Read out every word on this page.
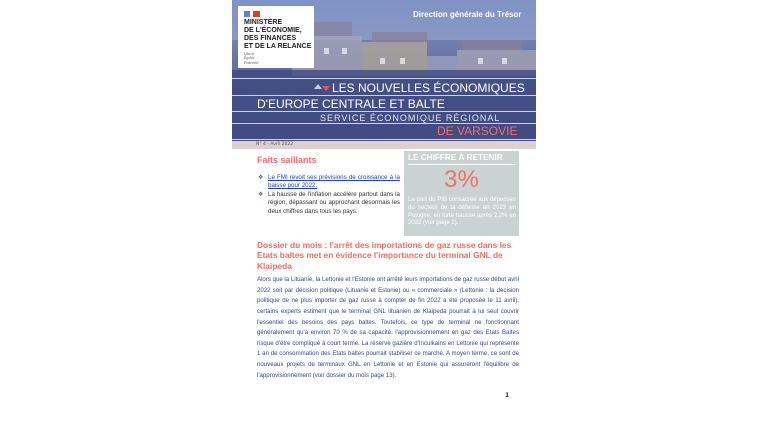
MINISTÈRE
DE L'ÉCONOMIE,
DES FINANCES
ET DE LA RELANCE
Liberté
Égalité
Fraternité
Direction générale du Trésor
LES NOUVELLES ÉCONOMIQUES
D'EUROPE CENTRALE ET BALTE
SERVICE ÉCONOMIQUE RÉGIONAL
DE VARSOVIE
N° 4 - Avril 2022
Faits saillants
❖ Le FMI revoit ses prévisions de croissance à la baisse pour 2022.
❖ La hausse de l'inflation accélère partout dans la région, dépassant ou approchant désormais les deux chiffres dans tous les pays.
LE CHIFFRE À RETENIR
3%
La part du PIB consacrée aux dépenses du secteur de la défense en 2023 en Pologne, en forte hausse après 2,2% en 2022 (voir page 2).
Dossier du mois : l'arrêt des importations de gaz russe dans les Etats baltes met en évidence l'importance du terminal GNL de Klaipeda
Alors que la Lituanie, la Lettonie et l'Estonie ont arrêté leurs importations de gaz russe début avril 2022 soit par décision politique (Lituanie et Estonie) ou « commerciale » (Lettonie : la décision politique de ne plus importer de gaz russe à compter de fin 2022 a été proposée le 11 avril), certains experts estiment que le terminal GNL lituanien de Klaipeda pourrait à lui seul couvrir l'essentiel des besoins des pays baltes. Toutefois, ce type de terminal ne fonctionnant généralement qu'à environ 70 % de sa capacité, l'approvisionnement en gaz des Etats Baltes risque d'être compliqué à court terme. La réserve gazière d'Inculkalns en Lettonie qui représente 1 an de consommation des Etats baltes pourrait stabiliser ce marché. A moyen terme, ce sont de nouveaux projets de terminaux GNL en Lettonie et en Estonie qui assureront l'équilibre de l'approvisionnement (voir dossier du mois page 13).
1
